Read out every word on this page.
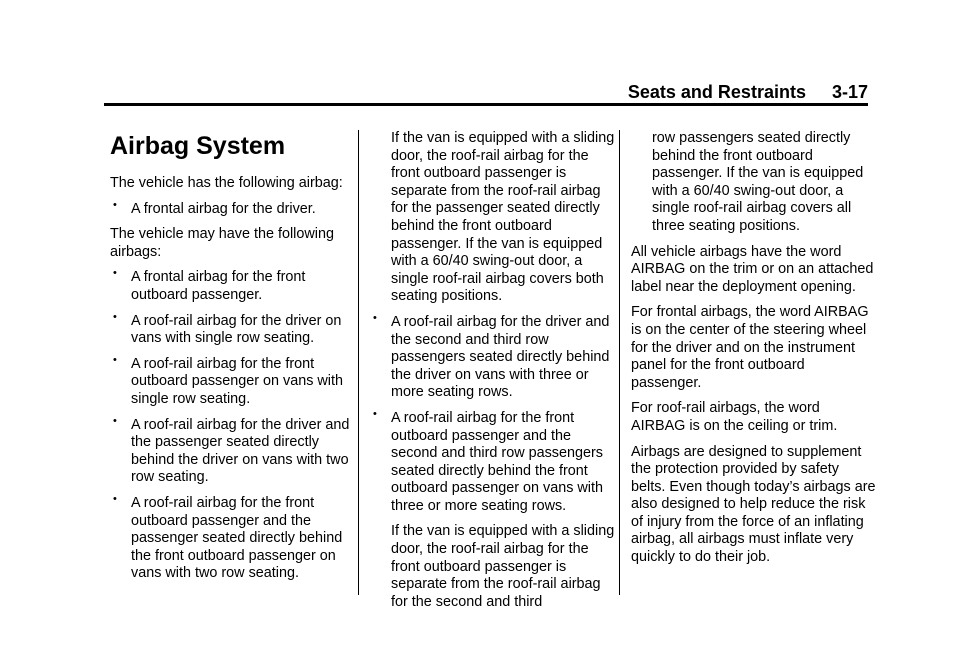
Seats and Restraints 3-17
Airbag System

The vehicle has the following airbag:

• A frontal airbag for the driver.

The vehicle may have the following airbags:

• A frontal airbag for the front outboard passenger.
• A roof-rail airbag for the driver on vans with single row seating.
• A roof-rail airbag for the front outboard passenger on vans with single row seating.
• A roof-rail airbag for the driver and the passenger seated directly behind the driver on vans with two row seating.
• A roof-rail airbag for the front outboard passenger and the passenger seated directly behind the front outboard passenger on vans with two row seating.

If the van is equipped with a sliding door, the roof-rail airbag for the front outboard passenger is separate from the roof-rail airbag for the passenger seated directly behind the front outboard passenger. If the van is equipped with a 60/40 swing-out door, a single roof-rail airbag covers both seating positions.

• A roof-rail airbag for the driver and the second and third row passengers seated directly behind the driver on vans with three or more seating rows.
• A roof-rail airbag for the front outboard passenger and the second and third row passengers seated directly behind the front outboard passenger on vans with three or more seating rows.

If the van is equipped with a sliding door, the roof-rail airbag for the front outboard passenger is separate from the roof-rail airbag for the second and third

row passengers seated directly behind the front outboard passenger. If the van is equipped with a 60/40 swing-out door, a single roof-rail airbag covers all three seating positions.

All vehicle airbags have the word AIRBAG on the trim or on an attached label near the deployment opening.

For frontal airbags, the word AIRBAG is on the center of the steering wheel for the driver and on the instrument panel for the front outboard passenger.

For roof-rail airbags, the word AIRBAG is on the ceiling or trim.

Airbags are designed to supplement the protection provided by safety belts. Even though today’s airbags are also designed to help reduce the risk of injury from the force of an inflating airbag, all airbags must inflate very quickly to do their job.
